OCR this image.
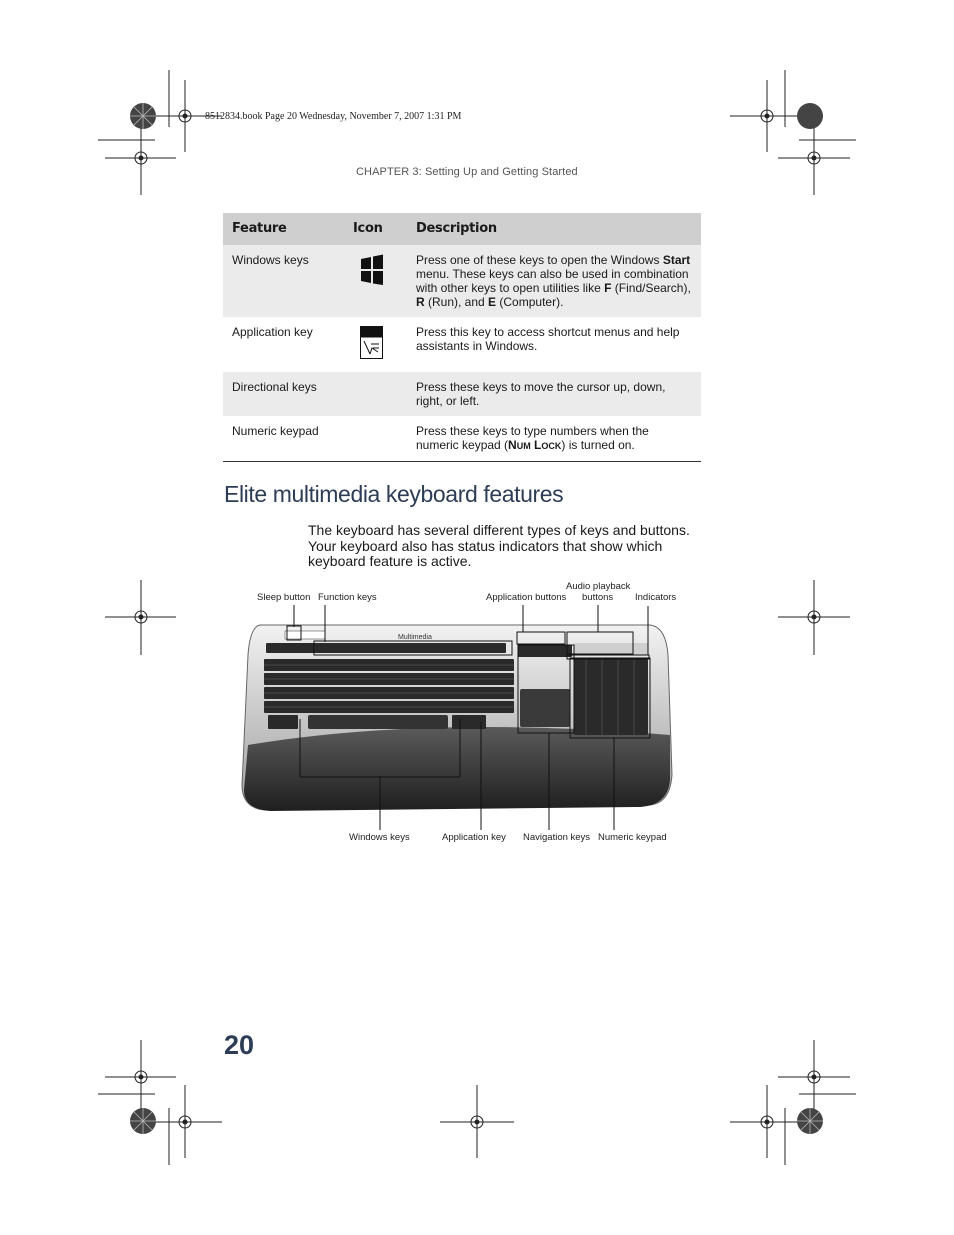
8512834.book Page 20 Wednesday, November 7, 2007 1:31 PM
CHAPTER 3: Setting Up and Getting Started
Feature	Icon	Description
Windows keys		Press one of these keys to open the Windows Start menu. These keys can also be used in combination with other keys to open utilities like F (Find/Search), R (Run), and E (Computer).
Application key		Press this key to access shortcut menus and help assistants in Windows.
Directional keys		Press these keys to move the cursor up, down, right, or left.
Numeric keypad		Press these keys to type numbers when the numeric keypad (NUM LOCK) is turned on.
Elite multimedia keyboard features

The keyboard has several different types of keys and buttons. Your keyboard also has status indicators that show which keyboard feature is active.

Multimedia
Sleep button Function keys	Application buttons
Audio playback
buttons Indicators
Windows keys	Application key Navigation keys Numeric keypad
20
